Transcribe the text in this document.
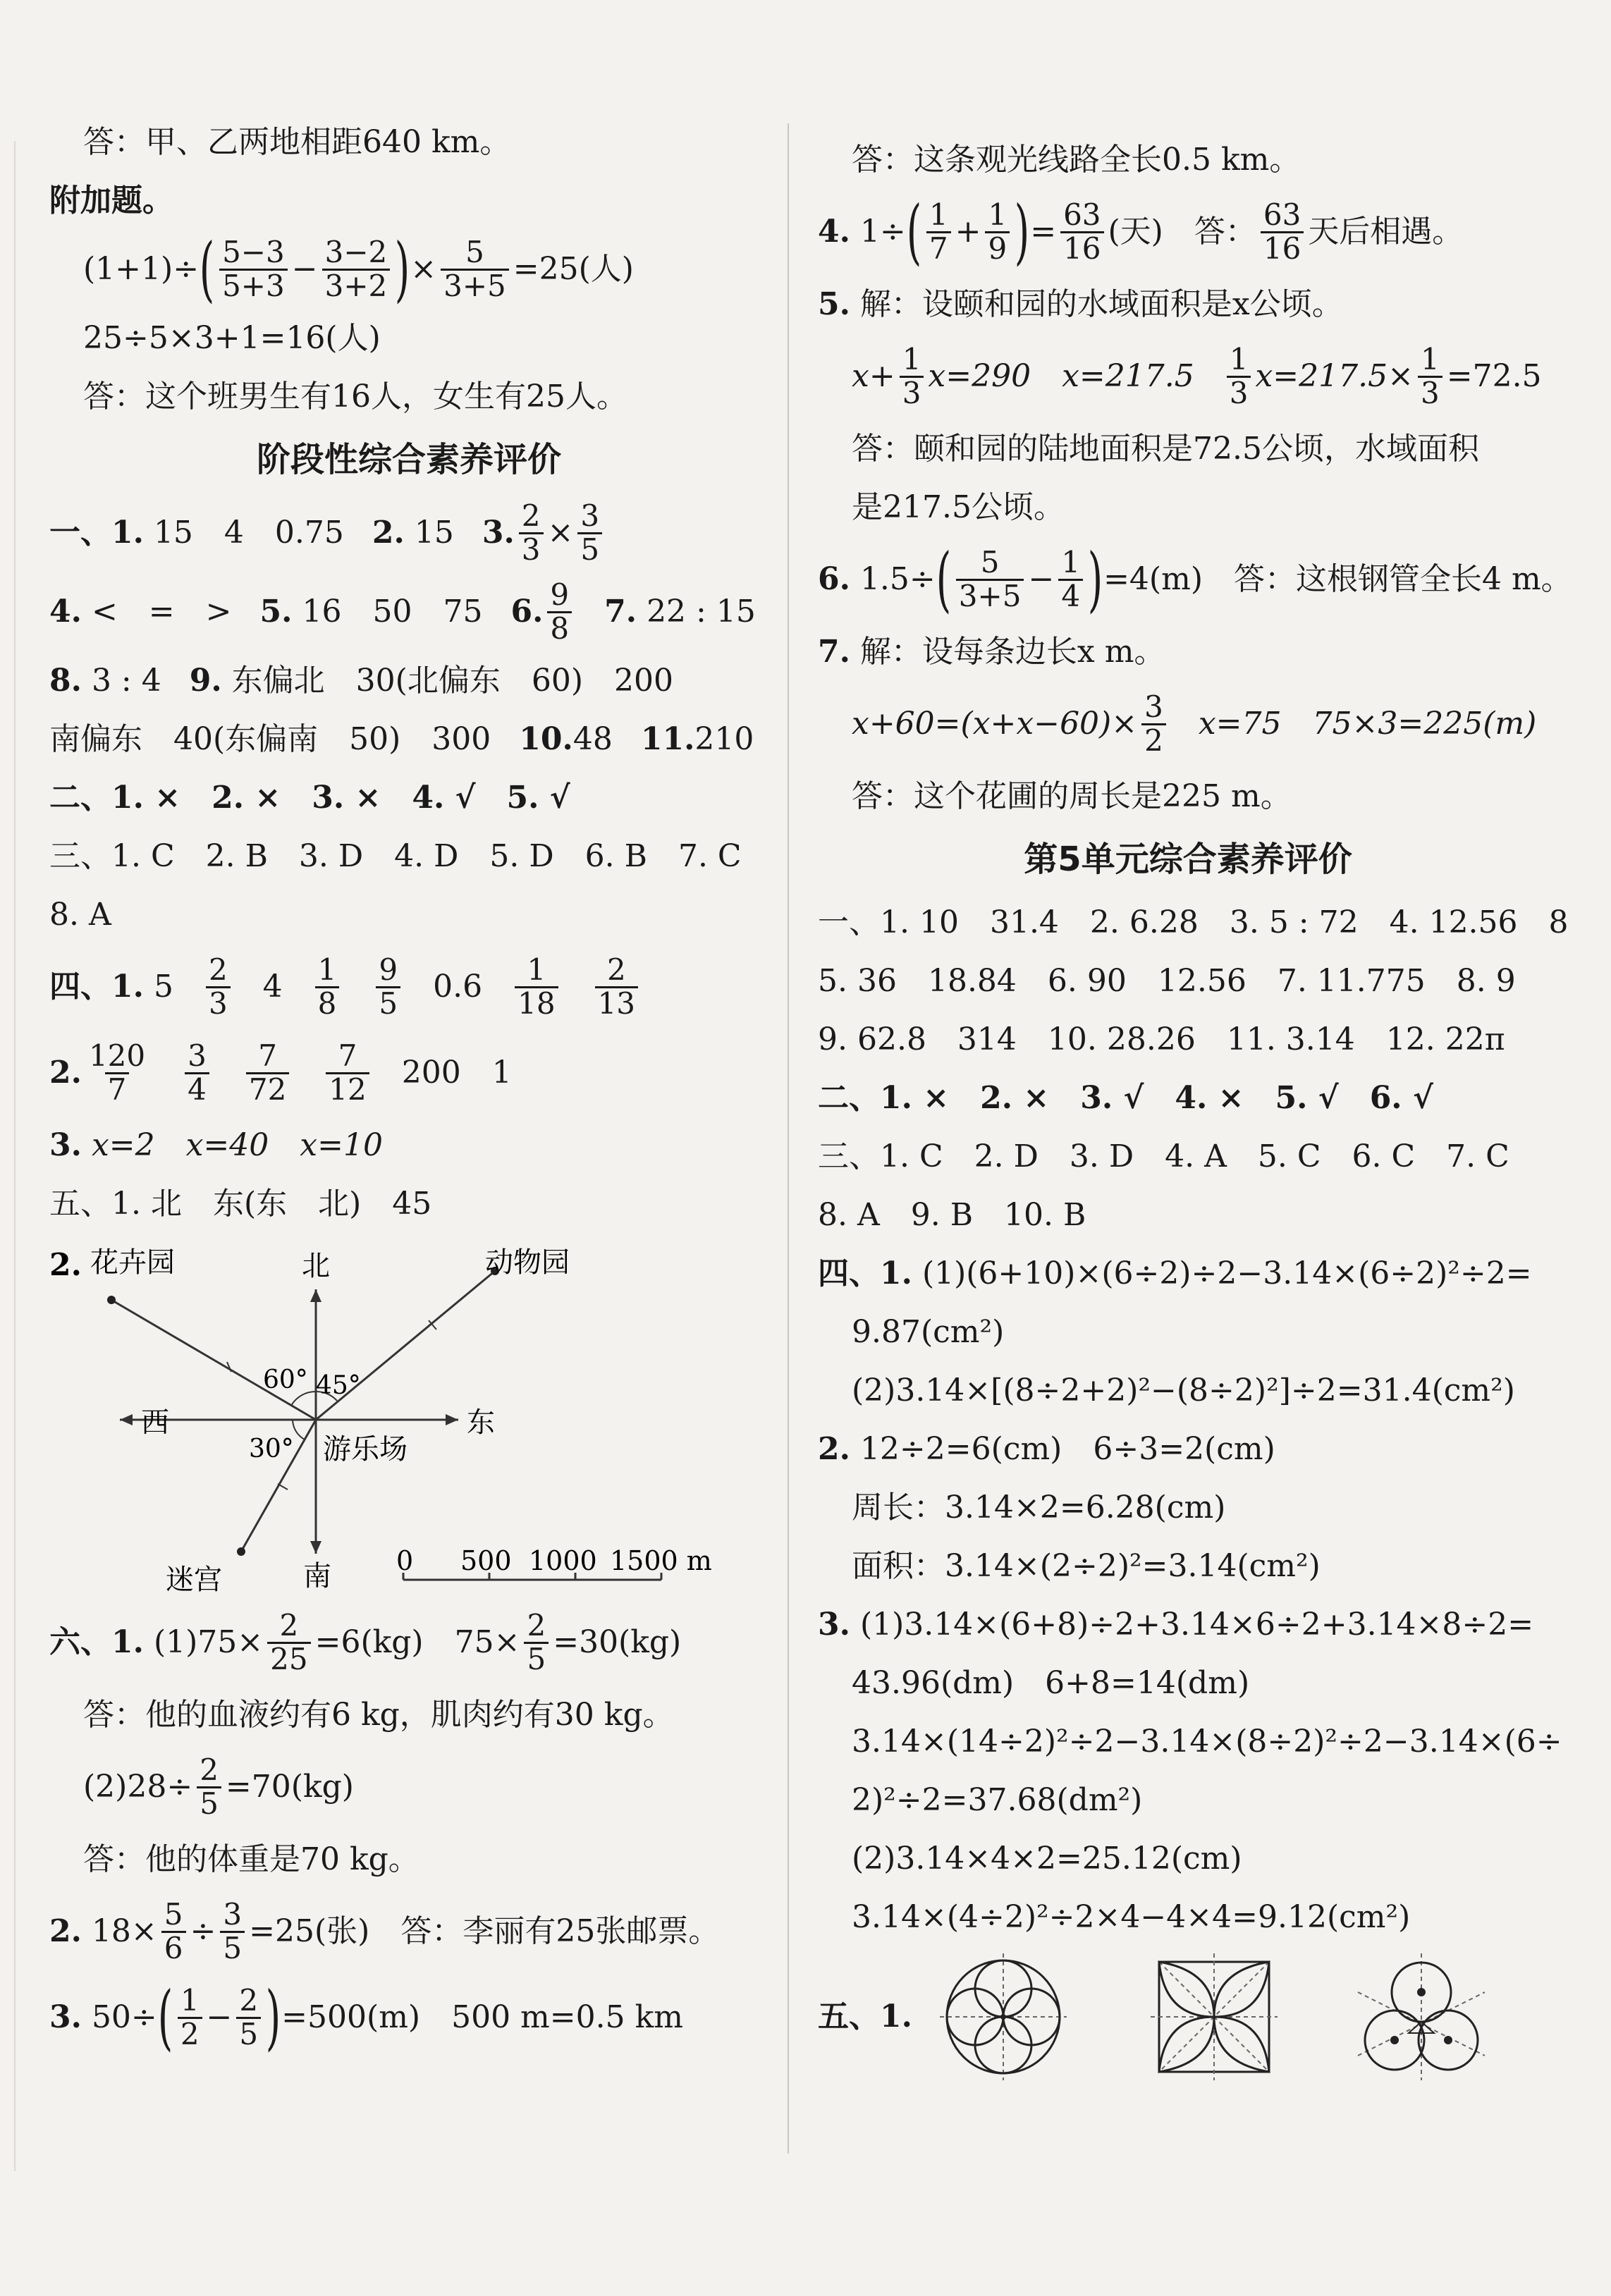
答：甲、乙两地相距640 km。
附加题。
(1+1)÷ ( $\frac{5-3}{5+3} - \frac{3-2}{3+2}$ ) × $\frac{5}{3+5} =25$(人)
25÷5×3+1=16(人)
答：这个班男生有16人，女生有25人。
阶段性综合素养评价
一、1.
15　4　0.75 2.
15 3. $\frac{2}{3} \times \frac{3}{5}$
4.
<　=　> 5.
16　50　75 6. $\frac{9}{8} 7$.
22 : 15
8.
3 : 4 9.
东偏北　30(北偏东　60)　200
南偏东　40(东偏南　50)　300 10. 48 11. 210
二、1. ×　2. ×　3. ×　4. √　5. √
三、1. C　2. B　3. D　4. D　5. D　6. B　7. C
8. A
四、1.
$5 \frac{2}{3} 4 \frac{1}{8} \frac{9}{5} 0.6 \frac{1}{18} \frac{2}{13}$
2. $\frac{120}{7} \frac{3}{4} \frac{7}{72} \frac{7}{12} 200$　1
3.
x=2　x=40　x=10
五、1. 北　东(东　北)　45
2. 花卉园	北	动物园
西	东
游乐场
迷宫	南
60° 45°
30°
0 500 1000 1500 m
六、1.
$(1)75\times \frac{2}{25} =6(kg)$　$75\times \frac{2}{5} =30(kg)$
答：他的血液约有6 kg，肌肉约有30 kg。
$(2)28\div \frac{2}{5} =70(kg)$
答：他的体重是70 kg。
2.
$18\times \frac{5}{6} \div \frac{3}{5} =25$(张)　答：李丽有25张邮票。
3.
50÷ ( $\frac{1}{2} - \frac{2}{5}$ ) =500(m)　500 m=0.5 km
答：这条观光线路全长0.5 km。
4.
1÷ ( $\frac{1}{7} + \frac{1}{9}$ ) = $\frac{63}{16}$ (天)　答： $\frac{63}{16}$ 天后相遇。
5.
解：设颐和园的水域面积是x公顷。
$x+ \frac{1}{3} x=290$　$x=217.5 \frac{1}{3} x=217.5\times \frac{1}{3} =72.5$
答：颐和园的陆地面积是72.5公顷，水域面积
是217.5公顷。
6.
1.5÷ ( $\frac{5}{3+5} - \frac{1}{4}$ ) =4(m)　答：这根钢管全长4 m。
7.
解：设每条边长x m。
$x+60=(x+x-60)\times \frac{3}{2} x=75$　75×3=225(m)
答：这个花圃的周长是225 m。
第5单元综合素养评价
一、1. 10　31.4　2. 6.28　3. 5 : 72　4. 12.56　8
5. 36　18.84　6. 90　12.56　7. 11.775　8. 9
9. 62.8　314　10. 28.26　11. 3.14　12. 22π
二、1. ×　2. ×　3. √　4. ×　5. √　6. √
三、1. C　2. D　3. D　4. A　5. C　6. C　7. C
8. A　9. B　10. B
四、1.
(1)(6+10)×(6÷2)÷2−3.14×(6÷2)²÷2=
9.87(cm²)
(2)3.14×[(8÷2+2)²−(8÷2)²]÷2=31.4(cm²)
2.
12÷2=6(cm)　6÷3=2(cm)
周长：3.14×2=6.28(cm)
面积：3.14×(2÷2)²=3.14(cm²)
3.
(1)3.14×(6+8)÷2+3.14×6÷2+3.14×8÷2=
43.96(dm)　6+8=14(dm)
3.14×(14÷2)²÷2−3.14×(8÷2)²÷2−3.14×(6÷
2)²÷2=37.68(dm²)
(2)3.14×4×2=25.12(cm)
3.14×(4÷2)²÷2×4−4×4=9.12(cm²)
五、1.
